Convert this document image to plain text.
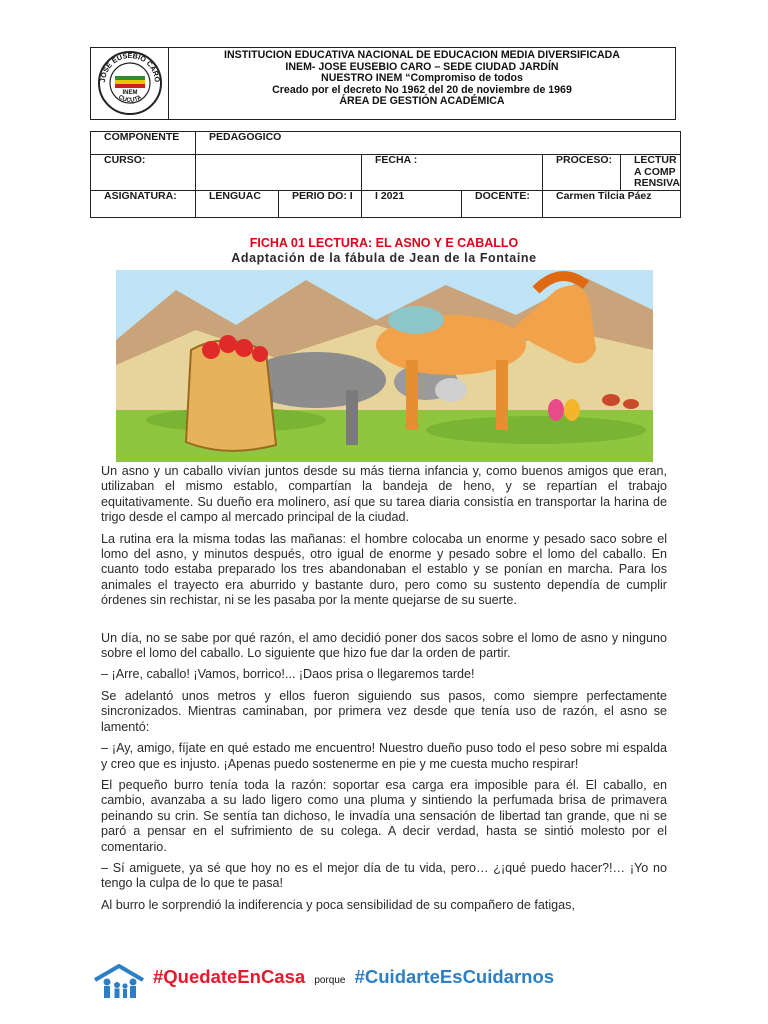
JOSE EUSEBIO CARO
CUCUTA
INEM
INSTITUCION EDUCATIVA NACIONAL DE EDUCACION MEDIA DIVERSIFICADA
INEM- JOSE EUSEBIO CARO – SEDE CIUDAD JARDÍN
NUESTRO INEM “Compromiso de todos
Creado por el decreto No 1962 del 20 de noviembre de 1969
ÁREA DE GESTIÓN ACADÉMICA
COMPONENTE	PEDAGOGICO					
CURSO:			FECHA :		PROCESO:	LECTURA COMPRENSIVA
ASIGNATURA:	LENGUAC	PERIO DO: I	I 2021	DOCENTE:	Carmen Tilcia Páez	
FICHA 01 LECTURA: EL ASNO Y E CABALLO
Adaptación de la fábula de Jean de la Fontaine

Un asno y un caballo vivían juntos desde su más tierna infancia y, como buenos amigos que eran, utilizaban el mismo establo, compartían la bandeja de heno, y se repartían el trabajo equitativamente. Su dueño era molinero, así que su tarea diaria consistía en transportar la harina de trigo desde el campo al mercado principal de la ciudad.

La rutina era la misma todas las mañanas: el hombre colocaba un enorme y pesado saco sobre el lomo del asno, y minutos después, otro igual de enorme y pesado sobre el lomo del caballo. En cuanto todo estaba preparado los tres abandonaban el establo y se ponían en marcha. Para los animales el trayecto era aburrido y bastante duro, pero como su sustento dependía de cumplir órdenes sin rechistar, ni se les pasaba por la mente quejarse de su suerte.

Un día, no se sabe por qué razón, el amo decidió poner dos sacos sobre el lomo de asno y ninguno sobre el lomo del caballo. Lo siguiente que hizo fue dar la orden de partir.

– ¡Arre, caballo! ¡Vamos, borrico!... ¡Daos prisa o llegaremos tarde!

Se adelantó unos metros y ellos fueron siguiendo sus pasos, como siempre perfectamente sincronizados. Mientras caminaban, por primera vez desde que tenía uso de razón, el asno se lamentó:

– ¡Ay, amigo, fíjate en qué estado me encuentro! Nuestro dueño puso todo el peso sobre mi espalda y creo que es injusto. ¡Apenas puedo sostenerme en pie y me cuesta mucho respirar!

El pequeño burro tenía toda la razón: soportar esa carga era imposible para él. El caballo, en cambio, avanzaba a su lado ligero como una pluma y sintiendo la perfumada brisa de primavera peinando su crin. Se sentía tan dichoso, le invadía una sensación de libertad tan grande, que ni se paró a pensar en el sufrimiento de su colega. A decir verdad, hasta se sintió molesto por el comentario.

– Sí amiguete, ya sé que hoy no es el mejor día de tu vida, pero… ¿¡qué puedo hacer?!… ¡Yo no tengo la culpa de lo que te pasa!

Al burro le sorprendió la indiferencia y poca sensibilidad de su compañero de fatigas,

#QuedateEnCasa porque #CuidarteEsCuidarnos
